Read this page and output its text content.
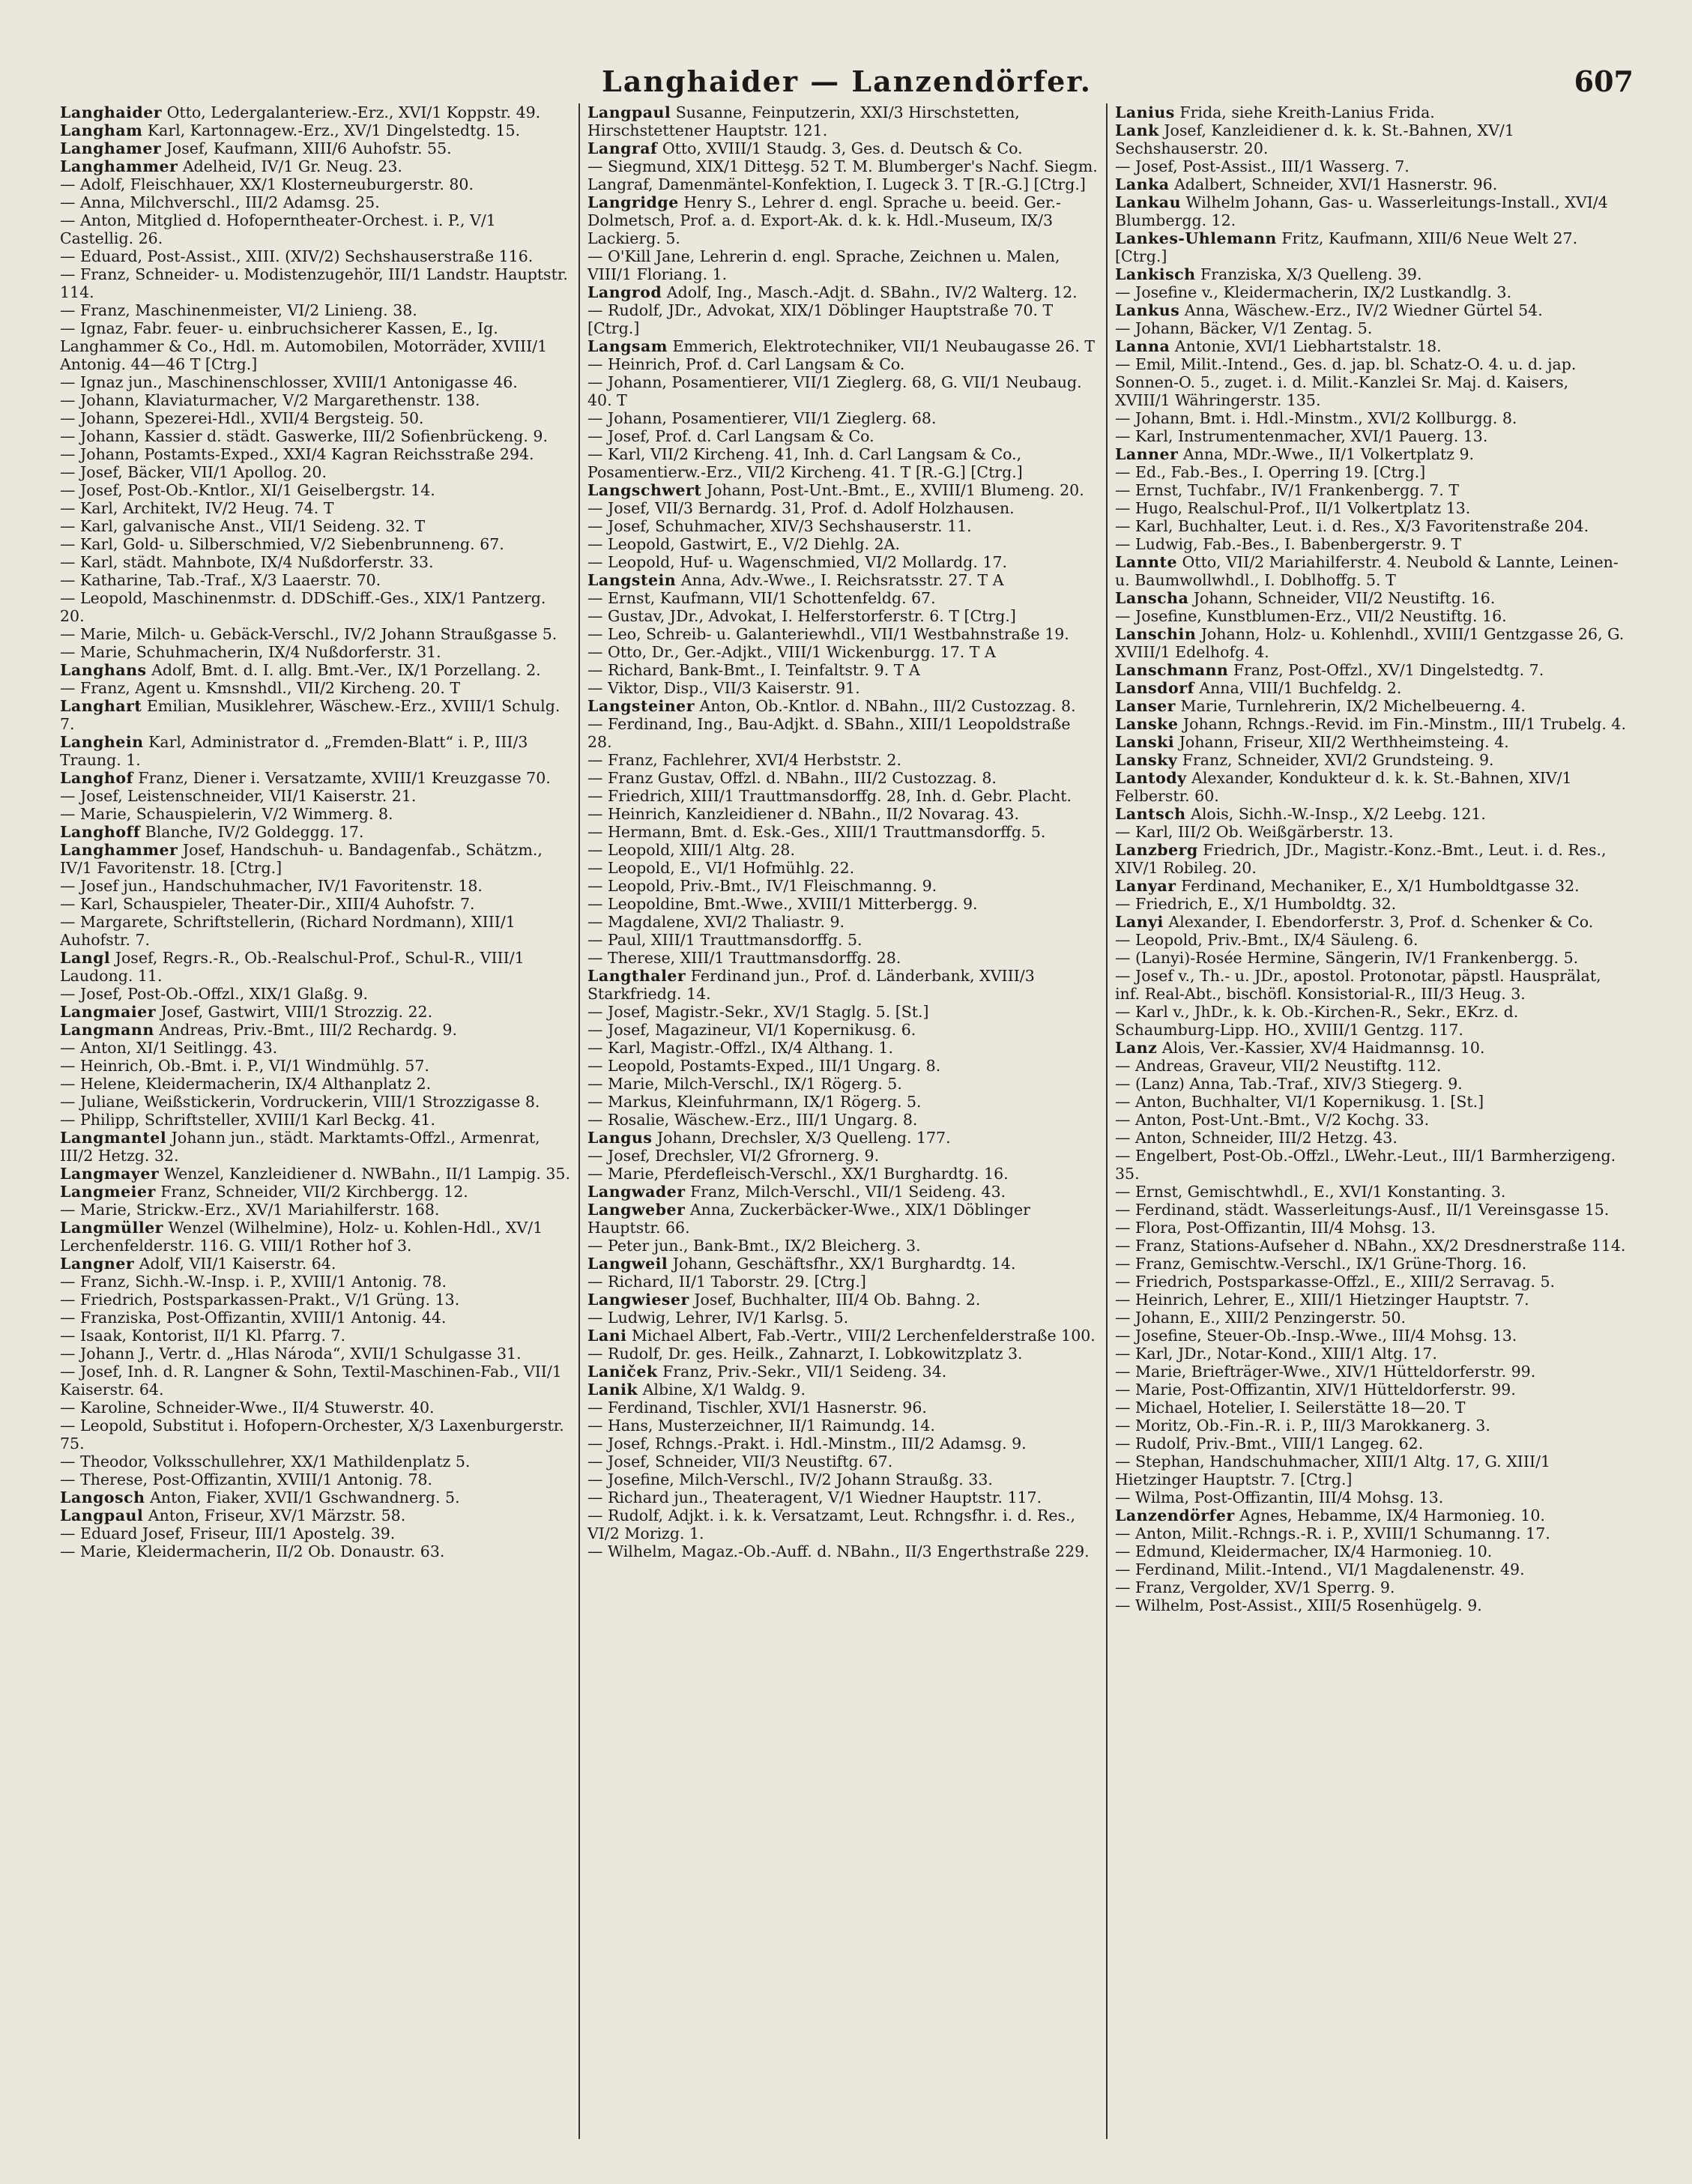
Langhaider — Lanzendörfer.	607

Langhaider Otto, Ledergalanteriew.-Erz., XVI/1 Koppstr. 49.

Langham Karl, Kartonnagew.-Erz., XV/1 Dingelstedtg. 15.

Langhamer Josef, Kaufmann, XIII/6 Auhofstr. 55.

Langhammer Adelheid, IV/1 Gr. Neug. 23.

— Adolf, Fleischhauer, XX/1 Klosterneuburgerstr. 80.

— Anna, Milchverschl., III/2 Adamsg. 25.

— Anton, Mitglied d. Hofoperntheater-Orchest. i. P., V/1 Castellig. 26.

— Eduard, Post-Assist., XIII. (XIV/2) Sechshauserstraße 116.

— Franz, Schneider- u. Modistenzugehör, III/1 Landstr. Hauptstr. 114.

— Franz, Maschinenmeister, VI/2 Linieng. 38.

— Ignaz, Fabr. feuer- u. einbruchsicherer Kassen, E., Ig. Langhammer & Co., Hdl. m. Automobilen, Motorräder, XVIII/1 Antonig. 44—46 T [Ctrg.]

— Ignaz jun., Maschinenschlosser, XVIII/1 Antonigasse 46.

— Johann, Klaviaturmacher, V/2 Margarethenstr. 138.

— Johann, Spezerei-Hdl., XVII/4 Bergsteig. 50.

— Johann, Kassier d. städt. Gaswerke, III/2 Sofienbrückeng. 9.

— Johann, Postamts-Exped., XXI/4 Kagran Reichsstraße 294.

— Josef, Bäcker, VII/1 Apollog. 20.

— Josef, Post-Ob.-Kntlor., XI/1 Geiselbergstr. 14.

— Karl, Architekt, IV/2 Heug. 74. T

— Karl, galvanische Anst., VII/1 Seideng. 32. T

— Karl, Gold- u. Silberschmied, V/2 Siebenbrunneng. 67.

— Karl, städt. Mahnbote, IX/4 Nußdorferstr. 33.

— Katharine, Tab.-Traf., X/3 Laaerstr. 70.

— Leopold, Maschinenmstr. d. DDSchiff.-Ges., XIX/1 Pantzerg. 20.

— Marie, Milch- u. Gebäck-Verschl., IV/2 Johann Straußgasse 5.

— Marie, Schuhmacherin, IX/4 Nußdorferstr. 31.

Langhans Adolf, Bmt. d. I. allg. Bmt.-Ver., IX/1 Porzellang. 2.

— Franz, Agent u. Kmsnshdl., VII/2 Kircheng. 20. T

Langhart Emilian, Musiklehrer, Wäschew.-Erz., XVIII/1 Schulg. 7.

Langhein Karl, Administrator d. „Fremden-Blatt“ i. P., III/3 Traung. 1.

Langhof Franz, Diener i. Versatzamte, XVIII/1 Kreuzgasse 70.

— Josef, Leistenschneider, VII/1 Kaiserstr. 21.

— Marie, Schauspielerin, V/2 Wimmerg. 8.

Langhoff Blanche, IV/2 Goldeggg. 17.

Langhammer Josef, Handschuh- u. Bandagenfab., Schätzm., IV/1 Favoritenstr. 18. [Ctrg.]

— Josef jun., Handschuhmacher, IV/1 Favoritenstr. 18.

— Karl, Schauspieler, Theater-Dir., XIII/4 Auhofstr. 7.

— Margarete, Schriftstellerin, (Richard Nordmann), XIII/1 Auhofstr. 7.

Langl Josef, Regrs.-R., Ob.-Realschul-Prof., Schul-R., VIII/1 Laudong. 11.

— Josef, Post-Ob.-Offzl., XIX/1 Glaßg. 9.

Langmaier Josef, Gastwirt, VIII/1 Strozzig. 22.

Langmann Andreas, Priv.-Bmt., III/2 Rechardg. 9.

— Anton, XI/1 Seitlingg. 43.

— Heinrich, Ob.-Bmt. i. P., VI/1 Windmühlg. 57.

— Helene, Kleidermacherin, IX/4 Althanplatz 2.

— Juliane, Weißstickerin, Vordruckerin, VIII/1 Strozzigasse 8.

— Philipp, Schriftsteller, XVIII/1 Karl Beckg. 41.

Langmantel Johann jun., städt. Marktamts-Offzl., Armenrat, III/2 Hetzg. 32.

Langmayer Wenzel, Kanzleidiener d. NWBahn., II/1 Lampig. 35.

Langmeier Franz, Schneider, VII/2 Kirchbergg. 12.

— Marie, Strickw.-Erz., XV/1 Mariahilferstr. 168.

Langmüller Wenzel (Wilhelmine), Holz- u. Kohlen-Hdl., XV/1 Lerchenfelderstr. 116. G. VIII/1 Rother hof 3.

Langner Adolf, VII/1 Kaiserstr. 64.

— Franz, Sichh.-W.-Insp. i. P., XVIII/1 Antonig. 78.

— Friedrich, Postsparkassen-Prakt., V/1 Grüng. 13.

— Franziska, Post-Offizantin, XVIII/1 Antonig. 44.

— Isaak, Kontorist, II/1 Kl. Pfarrg. 7.

— Johann J., Vertr. d. „Hlas Národa“, XVII/1 Schulgasse 31.

— Josef, Inh. d. R. Langner & Sohn, Textil-Maschinen-Fab., VII/1 Kaiserstr. 64.

— Karoline, Schneider-Wwe., II/4 Stuwerstr. 40.

— Leopold, Substitut i. Hofopern-Orchester, X/3 Laxenburgerstr. 75.

— Theodor, Volksschullehrer, XX/1 Mathildenplatz 5.

— Therese, Post-Offizantin, XVIII/1 Antonig. 78.

Langosch Anton, Fiaker, XVII/1 Gschwandnerg. 5.

Langpaul Anton, Friseur, XV/1 Märzstr. 58.

— Eduard Josef, Friseur, III/1 Apostelg. 39.

— Marie, Kleidermacherin, II/2 Ob. Donaustr. 63.

Langpaul Susanne, Feinputzerin, XXI/3 Hirschstetten, Hirschstettener Hauptstr. 121.

Langraf Otto, XVIII/1 Staudg. 3, Ges. d. Deutsch & Co.

— Siegmund, XIX/1 Ditteşg. 52 T. M. Blumberger's Nachf. Siegm. Langraf, Damenmäntel-Konfektion, I. Lugeck 3. T [R.-G.] [Ctrg.]

Langridge Henry S., Lehrer d. engl. Sprache u. beeid. Ger.-Dolmetsch, Prof. a. d. Export-Ak. d. k. k. Hdl.-Museum, IX/3 Lackierg. 5.

— O'Kill Jane, Lehrerin d. engl. Sprache, Zeichnen u. Malen, VIII/1 Floriang. 1.

Langrod Adolf, Ing., Masch.-Adjt. d. SBahn., IV/2 Walterg. 12.

— Rudolf, JDr., Advokat, XIX/1 Döblinger Hauptstraße 70. T [Ctrg.]

Langsam Emmerich, Elektrotechniker, VII/1 Neubaugasse 26. T

— Heinrich, Prof. d. Carl Langsam & Co.

— Johann, Posamentierer, VII/1 Zieglerg. 68, G. VII/1 Neubaug. 40. T

— Johann, Posamentierer, VII/1 Zieglerg. 68.

— Josef, Prof. d. Carl Langsam & Co.

— Karl, VII/2 Kircheng. 41, Inh. d. Carl Langsam & Co., Posamentierw.-Erz., VII/2 Kircheng. 41. T [R.-G.] [Ctrg.]

Langschwert Johann, Post-Unt.-Bmt., E., XVIII/1 Blumeng. 20.

— Josef, VII/3 Bernardg. 31, Prof. d. Adolf Holzhausen.

— Josef, Schuhmacher, XIV/3 Sechshauserstr. 11.

— Leopold, Gastwirt, E., V/2 Diehlg. 2A.

— Leopold, Huf- u. Wagenschmied, VI/2 Mollardg. 17.

Langstein Anna, Adv.-Wwe., I. Reichsratsstr. 27. T A

— Ernst, Kaufmann, VII/1 Schottenfeldg. 67.

— Gustav, JDr., Advokat, I. Helferstorferstr. 6. T [Ctrg.]

— Leo, Schreib- u. Galanteriewhdl., VII/1 Westbahnstraße 19.

— Otto, Dr., Ger.-Adjkt., VIII/1 Wickenburgg. 17. T A

— Richard, Bank-Bmt., I. Teinfaltstr. 9. T A

— Viktor, Disp., VII/3 Kaiserstr. 91.

Langsteiner Anton, Ob.-Kntlor. d. NBahn., III/2 Custozzag. 8.

— Ferdinand, Ing., Bau-Adjkt. d. SBahn., XIII/1 Leopoldstraße 28.

— Franz, Fachlehrer, XVI/4 Herbststr. 2.

— Franz Gustav, Offzl. d. NBahn., III/2 Custozzag. 8.

— Friedrich, XIII/1 Trauttmansdorffg. 28, Inh. d. Gebr. Placht.

— Heinrich, Kanzleidiener d. NBahn., II/2 Novarag. 43.

— Hermann, Bmt. d. Esk.-Ges., XIII/1 Trauttmansdorffg. 5.

— Leopold, XIII/1 Altg. 28.

— Leopold, E., VI/1 Hofmühlg. 22.

— Leopold, Priv.-Bmt., IV/1 Fleischmanng. 9.

— Leopoldine, Bmt.-Wwe., XVIII/1 Mitterbergg. 9.

— Magdalene, XVI/2 Thaliastr. 9.

— Paul, XIII/1 Trauttmansdorffg. 5.

— Therese, XIII/1 Trauttmansdorffg. 28.

Langthaler Ferdinand jun., Prof. d. Länderbank, XVIII/3 Starkfriedg. 14.

— Josef, Magistr.-Sekr., XV/1 Staglg. 5. [St.]

— Josef, Magazineur, VI/1 Kopernikusg. 6.

— Karl, Magistr.-Offzl., IX/4 Althang. 1.

— Leopold, Postamts-Exped., III/1 Ungarg. 8.

— Marie, Milch-Verschl., IX/1 Rögerg. 5.

— Markus, Kleinfuhrmann, IX/1 Rögerg. 5.

— Rosalie, Wäschew.-Erz., III/1 Ungarg. 8.

Langus Johann, Drechsler, X/3 Quelleng. 177.

— Josef, Drechsler, VI/2 Gfrornerg. 9.

— Marie, Pferdefleisch-Verschl., XX/1 Burghardtg. 16.

Langwader Franz, Milch-Verschl., VII/1 Seideng. 43.

Langweber Anna, Zuckerbäcker-Wwe., XIX/1 Döblinger Hauptstr. 66.

— Peter jun., Bank-Bmt., IX/2 Bleicherg. 3.

Langweil Johann, Geschäftsfhr., XX/1 Burghardtg. 14.

— Richard, II/1 Taborstr. 29. [Ctrg.]

Langwieser Josef, Buchhalter, III/4 Ob. Bahng. 2.

— Ludwig, Lehrer, IV/1 Karlsg. 5.

Lani Michael Albert, Fab.-Vertr., VIII/2 Lerchenfelderstraße 100.

— Rudolf, Dr. ges. Heilk., Zahnarzt, I. Lobkowitzplatz 3.

Laniček Franz, Priv.-Sekr., VII/1 Seideng. 34.

Lanik Albine, X/1 Waldg. 9.

— Ferdinand, Tischler, XVI/1 Hasnerstr. 96.

— Hans, Musterzeichner, II/1 Raimundg. 14.

— Josef, Rchngs.-Prakt. i. Hdl.-Minstm., III/2 Adamsg. 9.

— Josef, Schneider, VII/3 Neustiftg. 67.

— Josefine, Milch-Verschl., IV/2 Johann Straußg. 33.

— Richard jun., Theateragent, V/1 Wiedner Hauptstr. 117.

— Rudolf, Adjkt. i. k. k. Versatzamt, Leut. Rchngsfhr. i. d. Res., VI/2 Morizg. 1.

— Wilhelm, Magaz.-Ob.-Auff. d. NBahn., II/3 Engerthstraße 229.

Lanius Frida, siehe Kreith-Lanius Frida.

Lank Josef, Kanzleidiener d. k. k. St.-Bahnen, XV/1 Sechshauserstr. 20.

— Josef, Post-Assist., III/1 Wasserg. 7.

Lanka Adalbert, Schneider, XVI/1 Hasnerstr. 96.

Lankau Wilhelm Johann, Gas- u. Wasserleitungs-Install., XVI/4 Blumbergg. 12.

Lankes-Uhlemann Fritz, Kaufmann, XIII/6 Neue Welt 27. [Ctrg.]

Lankisch Franziska, X/3 Quelleng. 39.

— Josefine v., Kleidermacherin, IX/2 Lustkandlg. 3.

Lankus Anna, Wäschew.-Erz., IV/2 Wiedner Gürtel 54.

— Johann, Bäcker, V/1 Zentag. 5.

Lanna Antonie, XVI/1 Liebhartstalstr. 18.

— Emil, Milit.-Intend., Ges. d. jap. bl. Schatz-O. 4. u. d. jap. Sonnen-O. 5., zuget. i. d. Milit.-Kanzlei Sr. Maj. d. Kaisers, XVIII/1 Währingerstr. 135.

— Johann, Bmt. i. Hdl.-Minstm., XVI/2 Kollburgg. 8.

— Karl, Instrumentenmacher, XVI/1 Pauerg. 13.

Lanner Anna, MDr.-Wwe., II/1 Volkertplatz 9.

— Ed., Fab.-Bes., I. Operring 19. [Ctrg.]

— Ernst, Tuchfabr., IV/1 Frankenbergg. 7. T

— Hugo, Realschul-Prof., II/1 Volkertplatz 13.

— Karl, Buchhalter, Leut. i. d. Res., X/3 Favoritenstraße 204.

— Ludwig, Fab.-Bes., I. Babenbergerstr. 9. T

Lannte Otto, VII/2 Mariahilferstr. 4. Neubold & Lannte, Leinen- u. Baumwollwhdl., I. Doblhoffg. 5. T

Lanscha Johann, Schneider, VII/2 Neustiftg. 16.

— Josefine, Kunstblumen-Erz., VII/2 Neustiftg. 16.

Lanschin Johann, Holz- u. Kohlenhdl., XVIII/1 Gentzgasse 26, G. XVIII/1 Edelhofg. 4.

Lanschmann Franz, Post-Offzl., XV/1 Dingelstedtg. 7.

Lansdorf Anna, VIII/1 Buchfeldg. 2.

Lanser Marie, Turnlehrerin, IX/2 Michelbeuerng. 4.

Lanske Johann, Rchngs.-Revid. im Fin.-Minstm., III/1 Trubelg. 4.

Lanski Johann, Friseur, XII/2 Werthheimsteing. 4.

Lansky Franz, Schneider, XVI/2 Grundsteing. 9.

Lantody Alexander, Kondukteur d. k. k. St.-Bahnen, XIV/1 Felberstr. 60.

Lantsch Alois, Sichh.-W.-Insp., X/2 Leebg. 121.

— Karl, III/2 Ob. Weißgärberstr. 13.

Lanzberg Friedrich, JDr., Magistr.-Konz.-Bmt., Leut. i. d. Res., XIV/1 Robileg. 20.

Lanyar Ferdinand, Mechaniker, E., X/1 Humboldtgasse 32.

— Friedrich, E., X/1 Humboldtg. 32.

Lanyi Alexander, I. Ebendorferstr. 3, Prof. d. Schenker & Co.

— Leopold, Priv.-Bmt., IX/4 Säuleng. 6.

— (Lanyi)-Rosée Hermine, Sängerin, IV/1 Frankenbergg. 5.

— Josef v., Th.- u. JDr., apostol. Protonotar, päpstl. Hausprälat, inf. Real-Abt., bischöfl. Konsistorial-R., III/3 Heug. 3.

— Karl v., JhDr., k. k. Ob.-Kirchen-R., Sekr., EKrz. d. Schaumburg-Lipp. HO., XVIII/1 Gentzg. 117.

Lanz Alois, Ver.-Kassier, XV/4 Haidmannsg. 10.

— Andreas, Graveur, VII/2 Neustiftg. 112.

— (Lanz) Anna, Tab.-Traf., XIV/3 Stiegerg. 9.

— Anton, Buchhalter, VI/1 Kopernikusg. 1. [St.]

— Anton, Post-Unt.-Bmt., V/2 Kochg. 33.

— Anton, Schneider, III/2 Hetzg. 43.

— Engelbert, Post-Ob.-Offzl., LWehr.-Leut., III/1 Barmherzigeng. 35.

— Ernst, Gemischtwhdl., E., XVI/1 Konstanting. 3.

— Ferdinand, städt. Wasserleitungs-Ausf., II/1 Vereinsgasse 15.

— Flora, Post-Offizantin, III/4 Mohsg. 13.

— Franz, Stations-Aufseher d. NBahn., XX/2 Dresdnerstraße 114.

— Franz, Gemischtw.-Verschl., IX/1 Grüne-Thorg. 16.

— Friedrich, Postsparkasse-Offzl., E., XIII/2 Serravag. 5.

— Heinrich, Lehrer, E., XIII/1 Hietzinger Hauptstr. 7.

— Johann, E., XIII/2 Penzingerstr. 50.

— Josefine, Steuer-Ob.-Insp.-Wwe., III/4 Mohsg. 13.

— Karl, JDr., Notar-Kond., XIII/1 Altg. 17.

— Marie, Briefträger-Wwe., XIV/1 Hütteldorferstr. 99.

— Marie, Post-Offizantin, XIV/1 Hütteldorferstr. 99.

— Michael, Hotelier, I. Seilerstätte 18—20. T

— Moritz, Ob.-Fin.-R. i. P., III/3 Marokkanerg. 3.

— Rudolf, Priv.-Bmt., VIII/1 Langeg. 62.

— Stephan, Handschuhmacher, XIII/1 Altg. 17, G. XIII/1 Hietzinger Hauptstr. 7. [Ctrg.]

— Wilma, Post-Offizantin, III/4 Mohsg. 13.

Lanzendörfer Agnes, Hebamme, IX/4 Harmonieg. 10.

— Anton, Milit.-Rchngs.-R. i. P., XVIII/1 Schumanng. 17.

— Edmund, Kleidermacher, IX/4 Harmonieg. 10.

— Ferdinand, Milit.-Intend., VI/1 Magdalenenstr. 49.

— Franz, Vergolder, XV/1 Sperrg. 9.

— Wilhelm, Post-Assist., XIII/5 Rosenhügelg. 9.
